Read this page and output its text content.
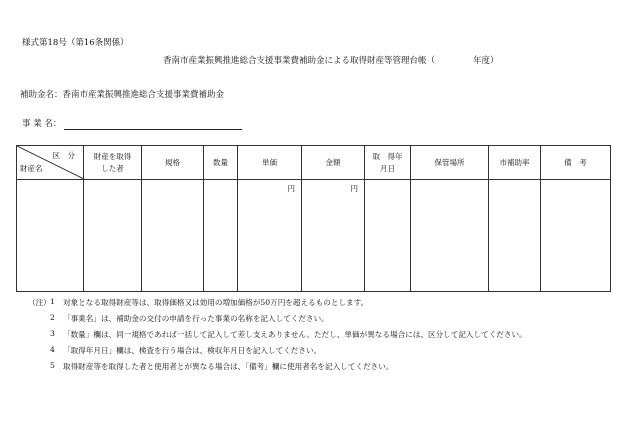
様式第18号（第16条関係）
香南市産業振興推進総合支援事業費補助金による取得財産等管理台帳（	年度）
補助金名：香南市産業振興推進総合支援事業費補助金
事 業 名：
区　分
財産名	財産を取得した者	規格	数量	単価	金額	取　得年月日	保管場所	市補助率	備　考

				円	円				

（注） 1 対象となる取得財産等は、取得価格又は効用の増加価格が50万円を超えるものとします。
2 「事業名」は、補助金の交付の申請を行った事業の名称を記入してください。
3 「数量」欄は、同一規格であれば一括して記入して差し支えありません。ただし、単価が異なる場合には、区分して記入してください。
4 「取得年月日」欄は、検査を行う場合は、検収年月日を記入してください。
5 取得財産等を取得した者と使用者とが異なる場合は、「備考」欄に使用者名を記入してください。
